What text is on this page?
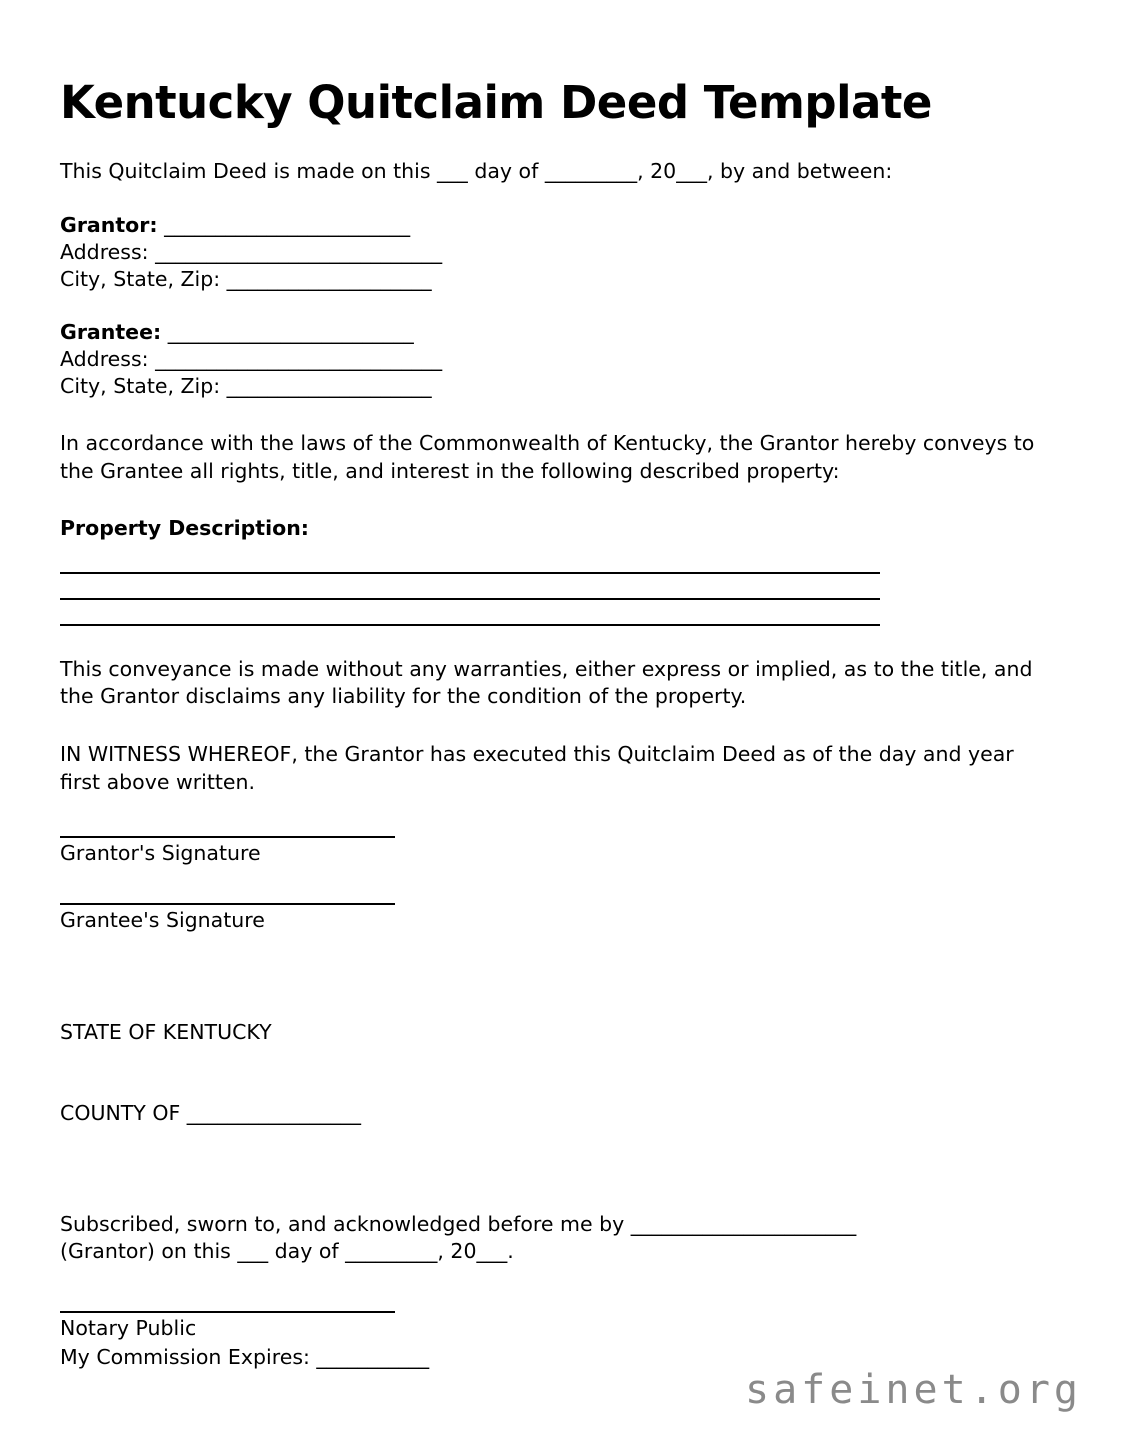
Kentucky Quitclaim Deed Template

This Quitclaim Deed is made on this ___ day of _________, 20___, by and between:

Grantor: ________________________
Address: ____________________________
City, State, Zip: ____________________
Grantee: ________________________
Address: ____________________________
City, State, Zip: ____________________

In accordance with the laws of the Commonwealth of Kentucky, the Grantor hereby conveys to the Grantee all rights, title, and interest in the following described property:

Property Description:

This conveyance is made without any warranties, either express or implied, as to the title, and the Grantor disclaims any liability for the condition of the property.

IN WITNESS WHEREOF, the Grantor has executed this Quitclaim Deed as of the day and year first above written.

Grantor's Signature
Grantee's Signature

STATE OF KENTUCKY

COUNTY OF _________________

Subscribed, sworn to, and acknowledged before me by ______________________
(Grantor) on this ___ day of _________, 20___.
Notary Public
My Commission Expires: ___________
safeinet.org
